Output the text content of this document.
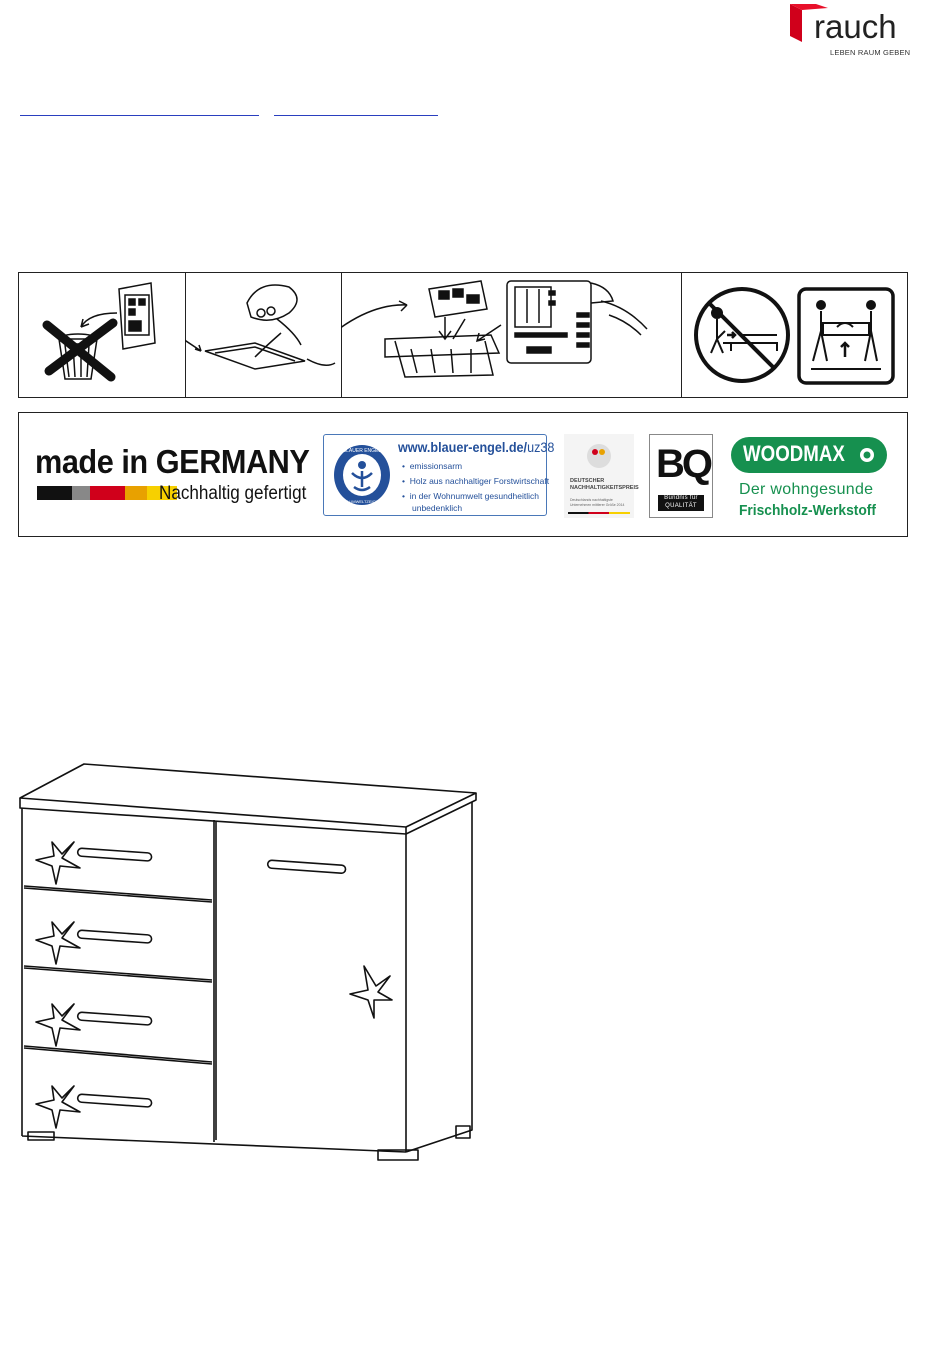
rauch
LEBEN RAUM GEBEN
made in GERMANY
Nachhaltig gefertigt
BLAUER ENGEL
DAS UMWELTZEICHEN
www.blauer-engel.de/uz38
•  emissionsarm
•  Holz aus nachhaltiger Forstwirtschaft
•  in der Wohnumwelt gesundheitlich
unbedenklich
DEUTSCHER
NACHHALTIGKEITSPREIS
Deutschlands nachhaltigste
Unternehmen mittlerer Größe 2014
BQ
Bündnis für
QUALITÄT
WOODMAX
Der wohngesunde
Frischholz-Werkstoff
